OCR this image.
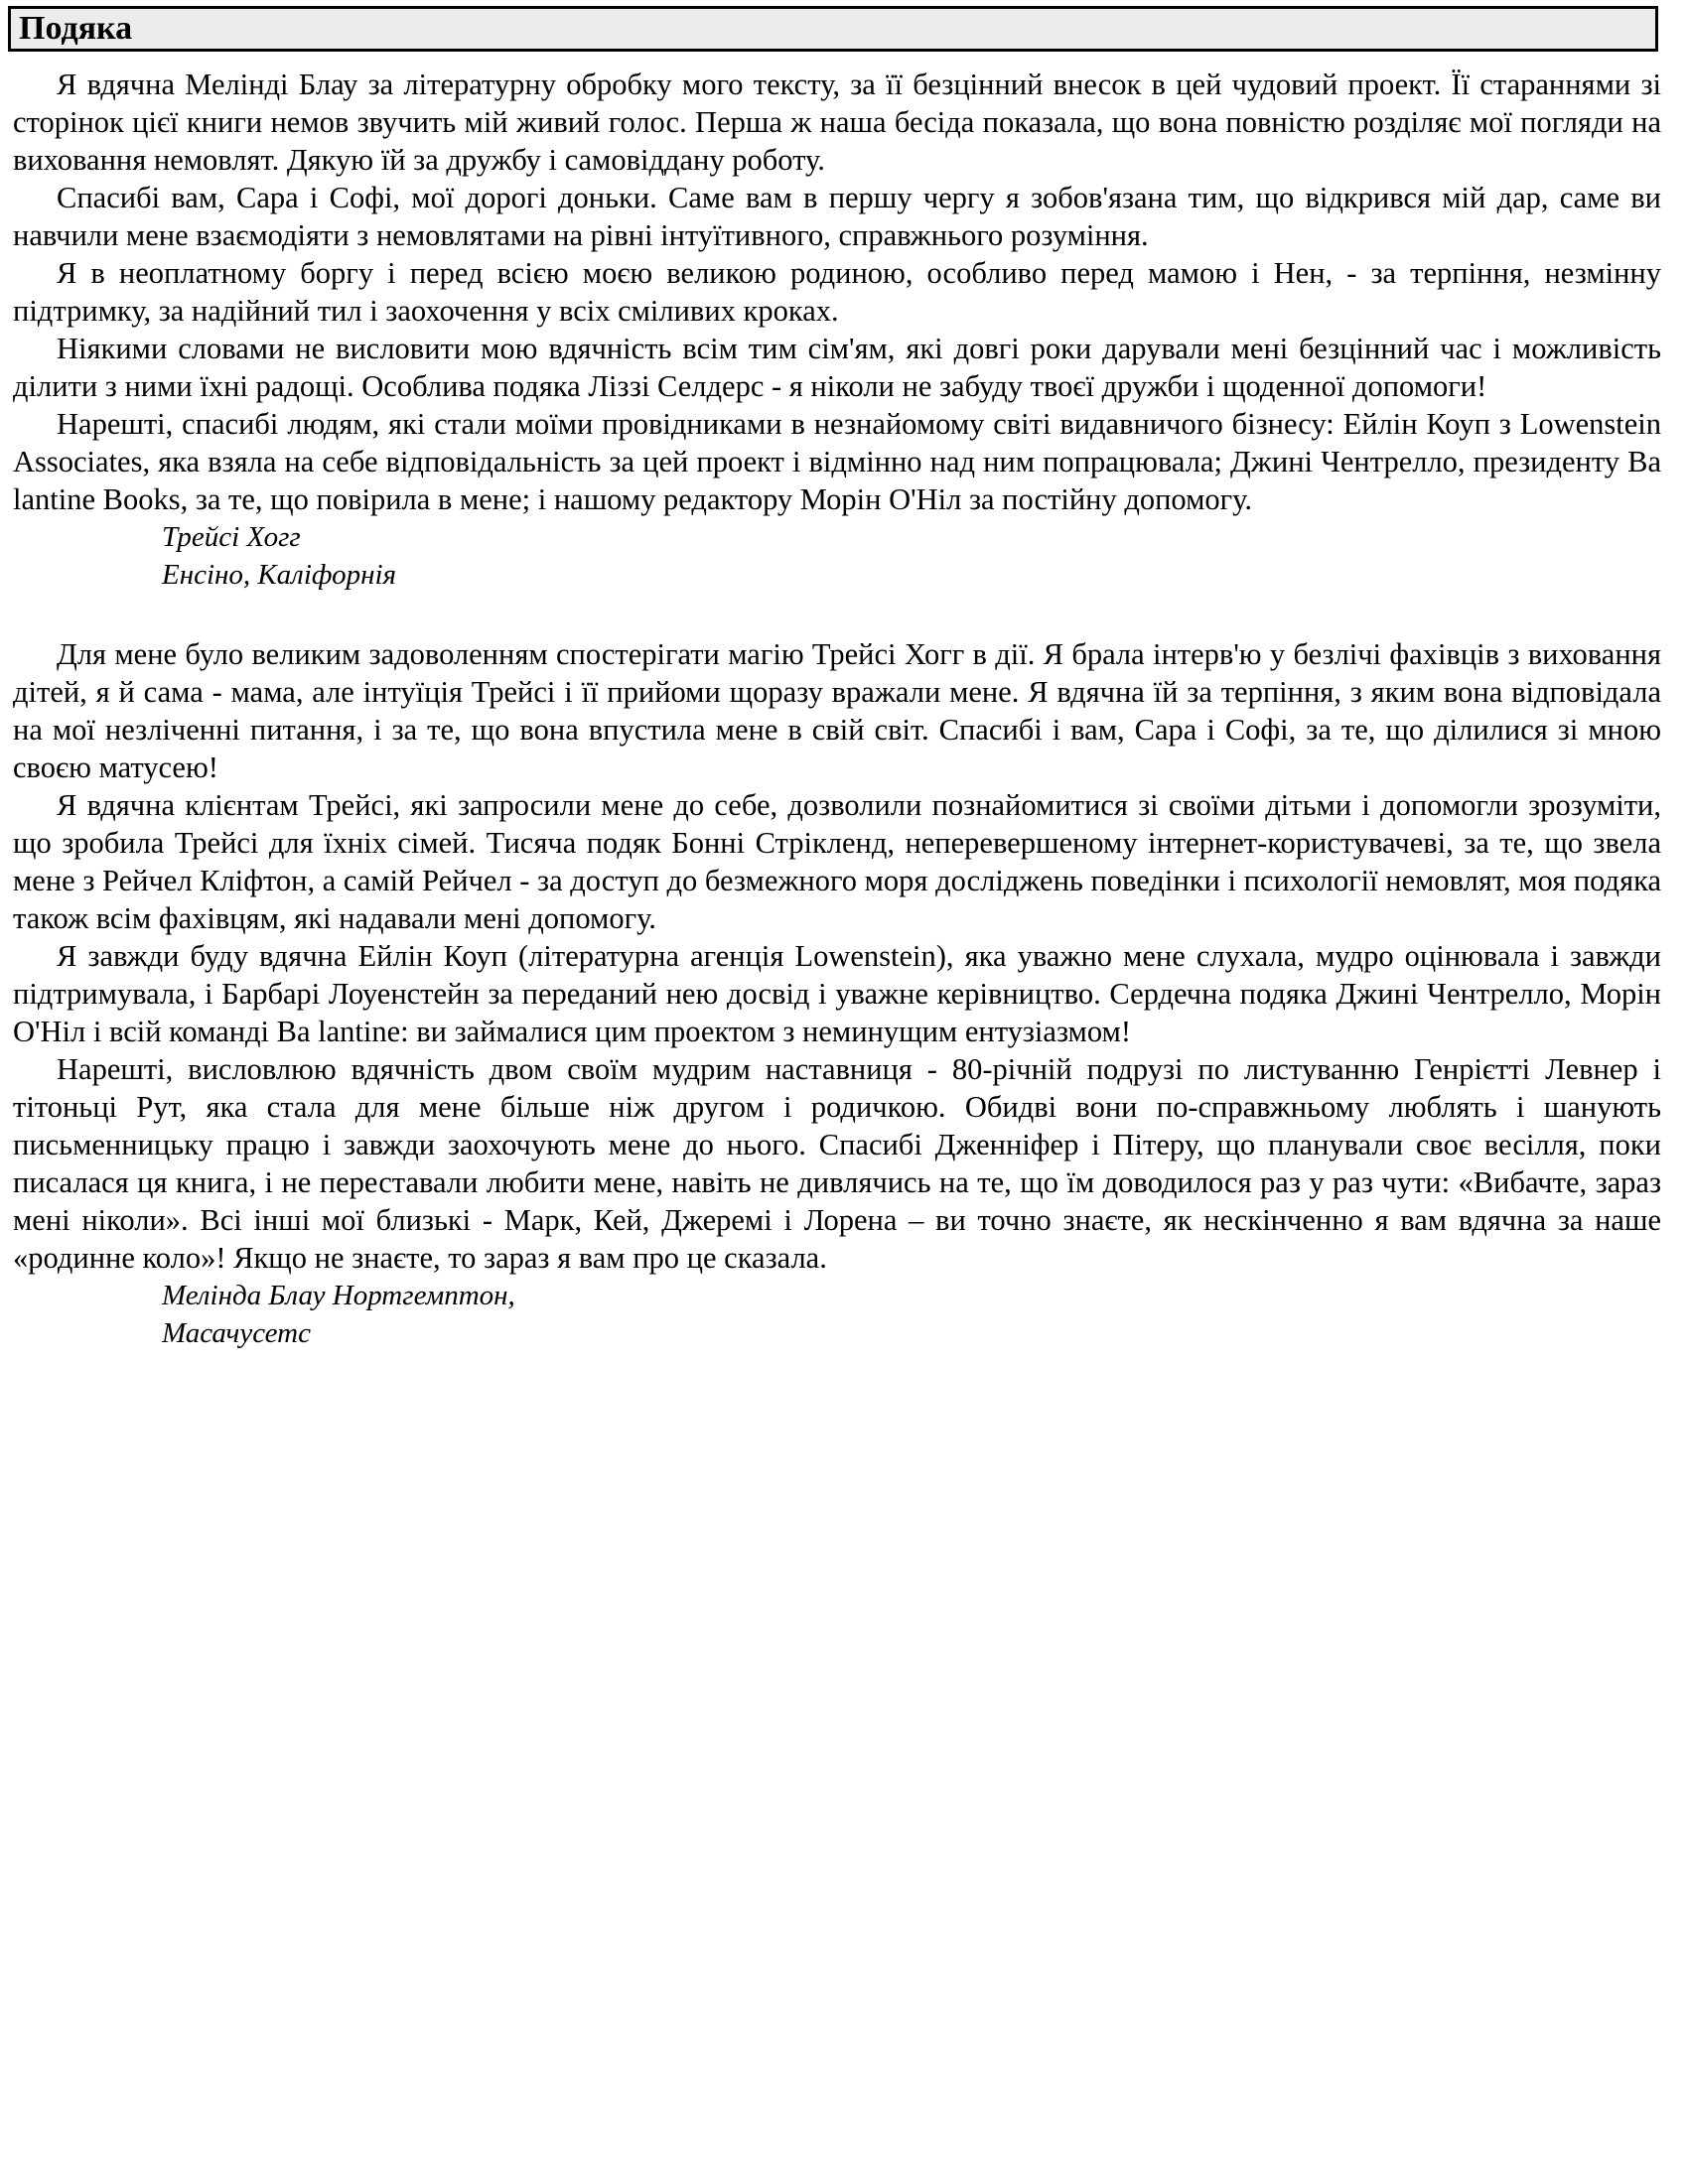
Подяка

Я вдячна Мелінді Блау за літературну обробку мого тексту, за її безцінний внесок в цей чудовий проект. Її стараннями зі сторінок цієї книги немов звучить мій живий голос. Перша ж наша бесіда показала, що вона повністю розділяє мої погляди на виховання немовлят. Дякую їй за дружбу і самовіддану роботу.

Спасибі вам, Сара і Софі, мої дорогі доньки. Саме вам в першу чергу я зобов'язана тим, що відкрився мій дар, саме ви навчили мене взаємодіяти з немовлятами на рівні інтуїтивного, справжнього розуміння.

Я в неоплатному боргу і перед всією моєю великою родиною, особливо перед мамою і Нен, - за терпіння, незмінну підтримку, за надійний тил і заохочення у всіх сміливих кроках.

Ніякими словами не висловити мою вдячність всім тим сім'ям, які довгі роки дарували мені безцінний час і можливість ділити з ними їхні радощі. Особлива подяка Ліззі Селдерс - я ніколи не забуду твоєї дружби і щоденної допомоги!

Нарешті, спасибі людям, які стали моїми провідниками в незнайомому світі видавничого бізнесу: Ейлін Коуп з Lowenstein Associates, яка взяла на себе відповідальність за цей проект і відмінно над ним попрацювала; Джині Чентрелло, президенту Ba lantine Books, за те, що повірила в мене; і нашому редактору Морін О'Ніл за постійну допомогу.

Трейсі Хогг

Енсіно, Каліфорнія

Для мене було великим задоволенням спостерігати магію Трейсі Хогг в дії. Я брала інтерв'ю у безлічі фахівців з виховання дітей, я й сама - мама, але інтуїція Трейсі і її прийоми щоразу вражали мене. Я вдячна їй за терпіння, з яким вона відповідала на мої незліченні питання, і за те, що вона впустила мене в свій світ. Спасибі і вам, Сара і Софі, за те, що ділилися зі мною своєю матусею!

Я вдячна клієнтам Трейсі, які запросили мене до себе, дозволили познайомитися зі своїми дітьми і допомогли зрозуміти, що зробила Трейсі для їхніх сімей. Тисяча подяк Бонні Стрікленд, неперевершеному інтернет-користувачеві, за те, що звела мене з Рейчел Кліфтон, а самій Рейчел - за доступ до безмежного моря досліджень поведінки і психології немовлят, моя подяка також всім фахівцям, які надавали мені допомогу.

Я завжди буду вдячна Ейлін Коуп (літературна агенція Lowenstein), яка уважно мене слухала, мудро оцінювала і завжди підтримувала, і Барбарі Лоуенстейн за переданий нею досвід і уважне керівництво. Сердечна подяка Джині Чентрелло, Морін О'Ніл і всій команді Ba lantine: ви займалися цим проектом з неминущим ентузіазмом!

Нарешті, висловлюю вдячність двом своїм мудрим наставниця - 80-річній подрузі по листуванню Генрієтті Левнер і тітоньці Рут, яка стала для мене більше ніж другом і родичкою. Обидві вони по-справжньому люблять і шанують письменницьку працю і завжди заохочують мене до нього. Спасибі Дженніфер і Пітеру, що планували своє весілля, поки писалася ця книга, і не переставали любити мене, навіть не дивлячись на те, що їм доводилося раз у раз чути: «Вибачте, зараз мені ніколи». Всі інші мої близькі - Марк, Кей, Джеремі і Лорена – ви точно знаєте, як нескінченно я вам вдячна за наше «родинне коло»! Якщо не знаєте, то зараз я вам про це сказала.

Мелінда Блау Нортгемптон,

Масачусетс
